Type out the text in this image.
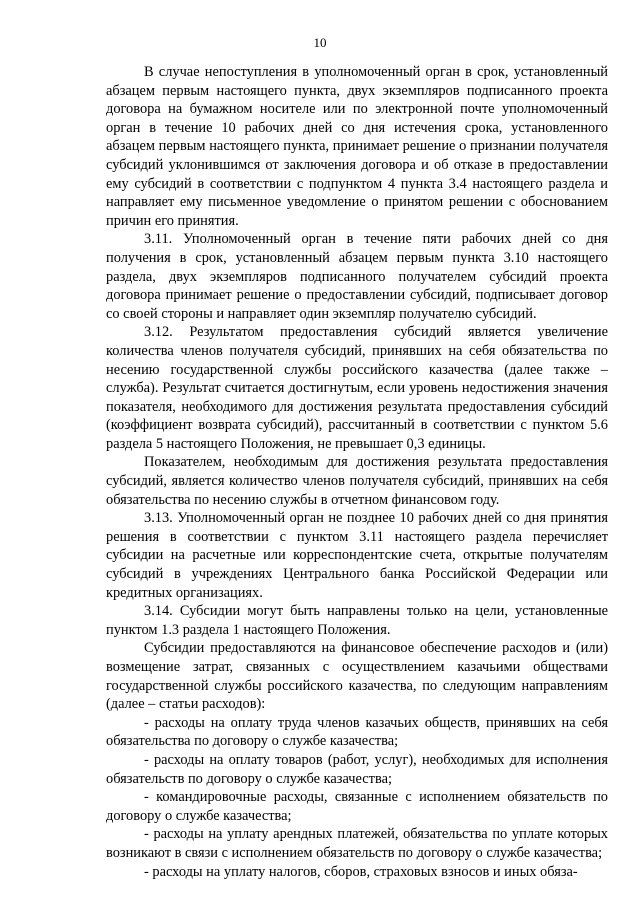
10

В случае непоступления в уполномоченный орган в срок, установленный абзацем первым настоящего пункта, двух экземпляров подписанного проекта договора на бумажном носителе или по электронной почте уполномоченный орган в течение 10 рабочих дней со дня истечения срока, установленного абзацем первым настоящего пункта, принимает решение о признании получателя субсидий уклонившимся от заключения договора и об отказе в предоставлении ему субсидий в соответствии с подпунктом 4 пункта 3.4 настоящего раздела и направляет ему письменное уведомление о принятом решении с обоснованием причин его принятия.

3.11. Уполномоченный орган в течение пяти рабочих дней со дня получения в срок, установленный абзацем первым пункта 3.10 настоящего раздела, двух экземпляров подписанного получателем субсидий проекта договора принимает решение о предоставлении субсидий, подписывает договор со своей стороны и направляет один экземпляр получателю субсидий.

3.12. Результатом предоставления субсидий является увеличение количества членов получателя субсидий, принявших на себя обязательства по несению государственной службы российского казачества (далее также – служба). Результат считается достигнутым, если уровень недостижения значения показателя, необходимого для достижения результата предоставления субсидий (коэффициент возврата субсидий), рассчитанный в соответствии с пунктом 5.6 раздела 5 настоящего Положения, не превышает 0,3 единицы.

Показателем, необходимым для достижения результата предоставления субсидий, является количество членов получателя субсидий, принявших на себя обязательства по несению службы в отчетном финансовом году.

3.13. Уполномоченный орган не позднее 10 рабочих дней со дня принятия решения в соответствии с пунктом 3.11 настоящего раздела перечисляет субсидии на расчетные или корреспондентские счета, открытые получателям субсидий в учреждениях Центрального банка Российской Федерации или кредитных организациях.

3.14. Субсидии могут быть направлены только на цели, установленные пунктом 1.3 раздела 1 настоящего Положения.

Субсидии предоставляются на финансовое обеспечение расходов и (или) возмещение затрат, связанных с осуществлением казачьими обществами государственной службы российского казачества, по следующим направлениям (далее – статьи расходов):

- расходы на оплату труда членов казачьих обществ, принявших на себя обязательства по договору о службе казачества;

- расходы на оплату товаров (работ, услуг), необходимых для исполнения обязательств по договору о службе казачества;

- командировочные расходы, связанные с исполнением обязательств по договору о службе казачества;

- расходы на уплату арендных платежей, обязательства по уплате которых возникают в связи с исполнением обязательств по договору о службе казачества;

- расходы на уплату налогов, сборов, страховых взносов и иных обяза-
